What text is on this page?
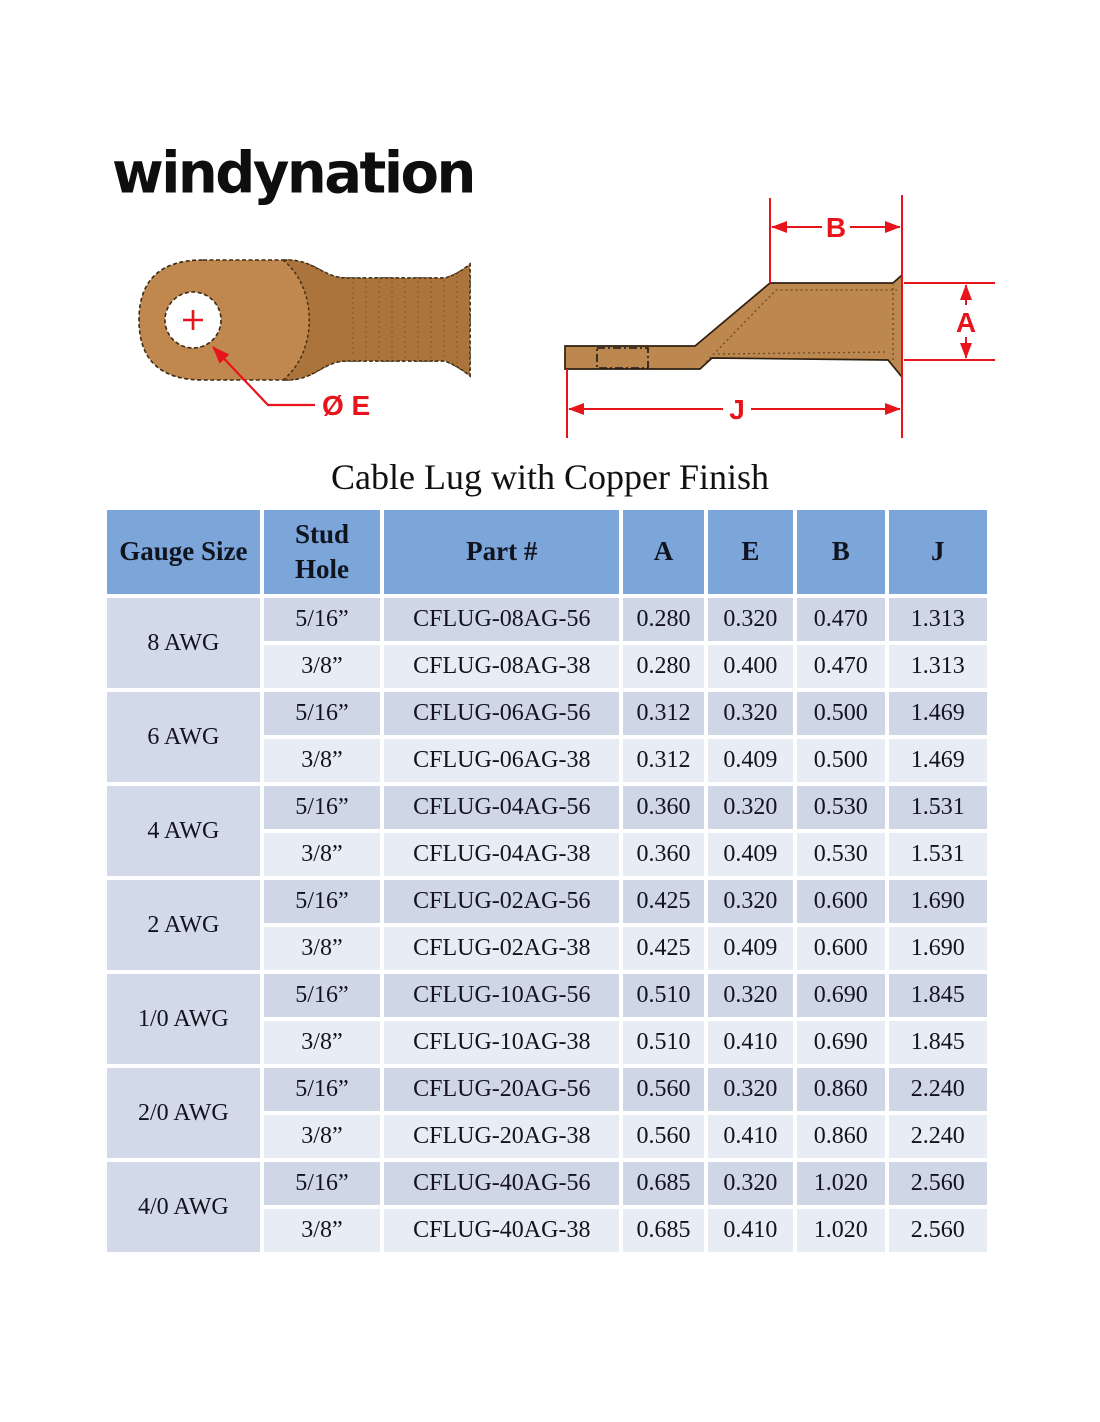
windynation
Ø E
B
A
J
Cable Lug with Copper Finish
Gauge Size	Stud Hole	Part #	A	E	B	J
8 AWG	5/16”	CFLUG-08AG-56	0.280	0.320	0.470	1.313
	3/8”	CFLUG-08AG-38	0.280	0.400	0.470	1.313
6 AWG	5/16”	CFLUG-06AG-56	0.312	0.320	0.500	1.469
	3/8”	CFLUG-06AG-38	0.312	0.409	0.500	1.469
4 AWG	5/16”	CFLUG-04AG-56	0.360	0.320	0.530	1.531
	3/8”	CFLUG-04AG-38	0.360	0.409	0.530	1.531
2 AWG	5/16”	CFLUG-02AG-56	0.425	0.320	0.600	1.690
	3/8”	CFLUG-02AG-38	0.425	0.409	0.600	1.690
1/0 AWG	5/16”	CFLUG-10AG-56	0.510	0.320	0.690	1.845
	3/8”	CFLUG-10AG-38	0.510	0.410	0.690	1.845
2/0 AWG	5/16”	CFLUG-20AG-56	0.560	0.320	0.860	2.240
	3/8”	CFLUG-20AG-38	0.560	0.410	0.860	2.240
4/0 AWG	5/16”	CFLUG-40AG-56	0.685	0.320	1.020	2.560
	3/8”	CFLUG-40AG-38	0.685	0.410	1.020	2.560
